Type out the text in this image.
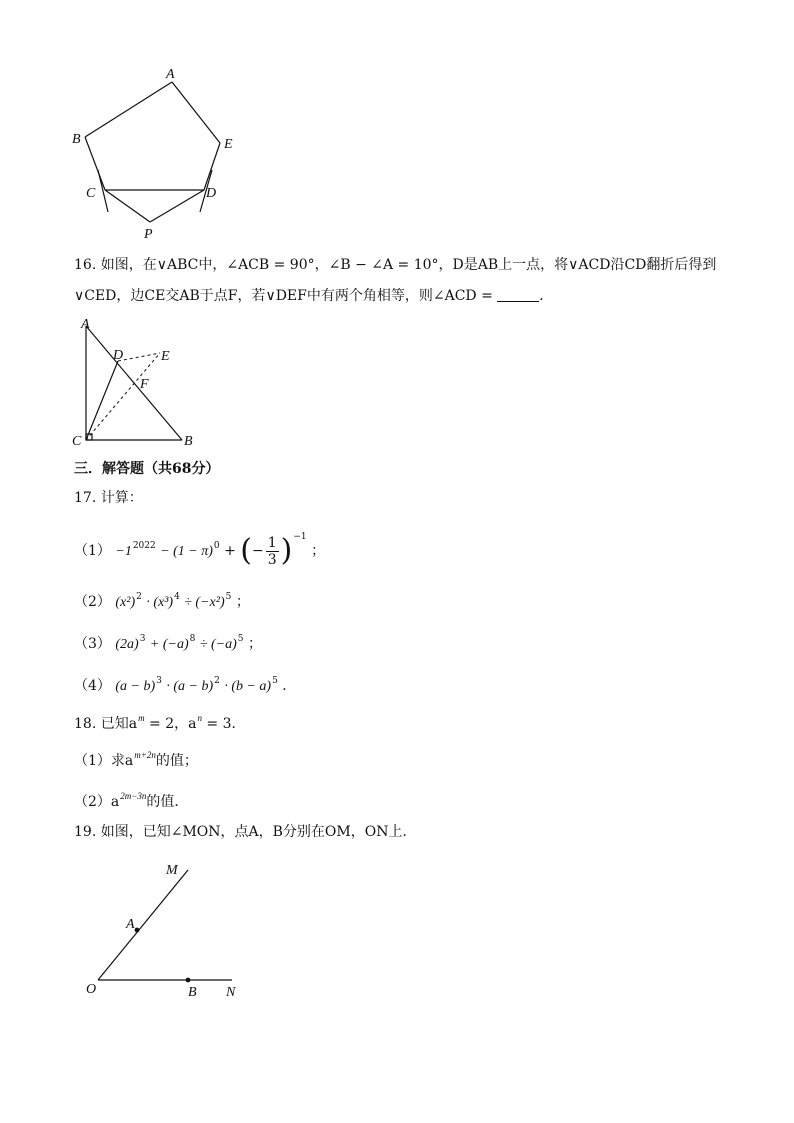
A
B	E
C	D
P
16. 如图，在∨ABC中，∠ACB = 90°，∠B − ∠A = 10°，D是AB上一点，将∨ACD沿CD翻折后得到
∨CED，边CE交AB于点F，若∨DEF中有两个角相等，则∠ACD =	．
A
D	E
F
C	B
三．解答题（共68分）
17. 计算：
$(1) -1^{2022} - (1 - \pi)^0$ + (− $\frac{1}{3} )^{-1}$ ；
（2） $(x^2)^2 \cdot (x^3)^4 \div (-x^2)^5$ ；
（3） $(2a)^3 + (-a)^8 \div (-a)^5$ ；
（4） $(a - b)^3 \cdot (a - b)^2 \cdot (b - a)^5$ ．
18. 已知$a^m = 2$，$a^n = 3$．
（1）求$a^{m+2n}$的值；
$(2)a^{2m-3n}$的值．
19. 如图，已知∠MON，点A，B分别在OM，ON上．
M
A
O	B N
